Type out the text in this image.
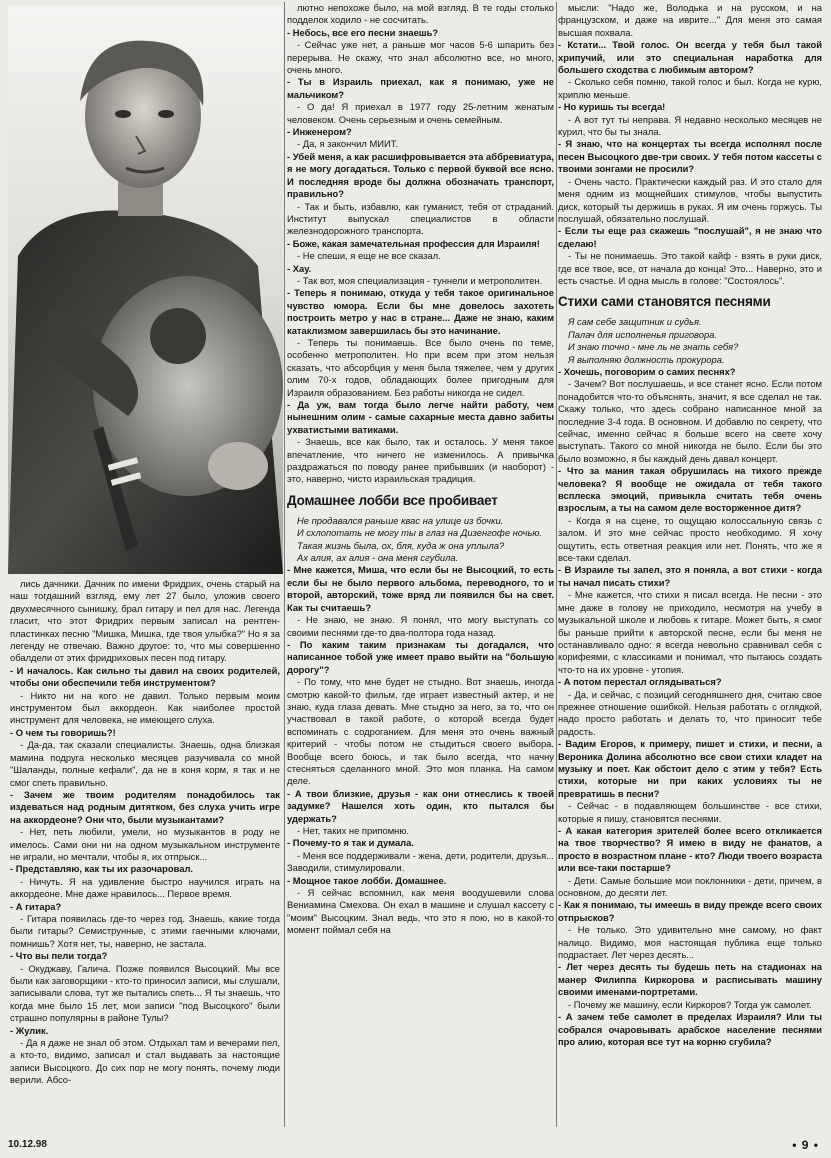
лись дачники. Дачник по имени Фридрих, очень старый на наш тогдашний взгляд, ему лет 27 было, уложив своего двухмесячного сынишку, брал гитару и пел для нас. Легенда гласит, что этот Фридрих первым записал на рентген-пластинках песню "Мишка, Мишка, где твоя улыбка?" Но я за легенду не отвечаю. Важно другое: то, что мы совершенно обалдели от этих фридриховых песен под гитару.

- И началось. Как сильно ты давил на своих родителей, чтобы они обеспечили тебя инструментом?

- Никто ни на кого не давил. Только первым моим инструментом был аккордеон. Как наиболее простой инструмент для человека, не имеющего слуха.

- О чем ты говоришь?!

- Да-да, так сказали специалисты. Знаешь, одна близкая мамина подруга несколько месяцев разучивала со мной "Шаланды, полные кефали", да не в коня корм, я так и не смог спеть правильно.

- Зачем же твоим родителям понадобилось так издеваться над родным дитятком, без слуха учить игре на аккордеоне? Они что, были музыкантами?

- Нет, петь любили, умели, но музыкантов в роду не имелось. Сами они ни на одном музыкальном инструменте не играли, но мечтали, чтобы я, их отпрыск...

- Представляю, как ты их разочаровал.

- Ничуть. Я на удивление быстро научился играть на аккордеоне. Мне даже нравилось... Первое время.

- А гитара?

- Гитара появилась где-то через год. Знаешь, какие тогда были гитары? Семиструнные, с этими гаечными ключами, помнишь? Хотя нет, ты, наверно, не застала.

- Что вы пели тогда?

- Окуджаву, Галича. Позже появился Высоцкий. Мы все были как заговорщики - кто-то приносил записи, мы слушали, записывали слова, тут же пытались спеть... Я ты знаешь, что когда мне было 15 лет, мои записи "под Высоцкого" были страшно популярны в районе Тулы?

- Жулик.

- Да я даже не знал об этом. Отдыхал там и вечерами пел, а кто-то, видимо, записал и стал выдавать за настоящие записи Высоцкого. До сих пор не могу понять, почему люди верили. Абсо-

лютно непохоже было, на мой взгляд. В те годы столько подделок ходило - не сосчитать.

- Небось, все его песни знаешь?

- Сейчас уже нет, а раньше мог часов 5-6 шпарить без перерыва. Не скажу, что знал абсолютно все, но много, очень много.

- Ты в Израиль приехал, как я понимаю, уже не мальчиком?

- О да! Я приехал в 1977 году 25-летним женатым человеком. Очень серьезным и очень семейным.

- Инженером?

- Да, я закончил МИИТ.

- Убей меня, а как расшифровывается эта аббревиатура, я не могу догадаться. Только с первой буквой все ясно. И последняя вроде бы должна обозначать транспорт, правильно?

- Так и быть, избавлю, как гуманист, тебя от страданий. Институт выпускал специалистов в области железнодорожного транспорта.

- Боже, какая замечательная профессия для Израиля!

- Не спеши, я еще не все сказал.

- Хау.

- Так вот, моя специализация - туннели и метрополитен.

- Теперь я понимаю, откуда у тебя такое оригинальное чувство юмора. Если бы мне довелось захотеть построить метро у нас в стране... Даже не знаю, каким катаклизмом завершилась бы это начинание.

- Теперь ты понимаешь. Все было очень по теме, особенно метрополитен. Но при всем при этом нельзя сказать, что абсорбция у меня была тяжелее, чем у других олим 70-х годов, обладающих более пригодным для Израиля образованием. Без работы никогда не сидел.

- Да уж, вам тогда было легче найти работу, чем нынешним олим - самые сахарные места давно забиты ухватистыми ватиками.

- Знаешь, все как было, так и осталось. У меня такое впечатление, что ничего не изменилось. А привычка раздражаться по поводу ранее прибывших (и наоборот) - это, наверно, чисто израильская традиция.

Домашнее лобби все пробивает

Не продавался раньше квас на улице из бочки.

И схлопотать не могу ты в глаз на Дизенгофе ночью.

Такая жизнь была, ох, бля, куда ж она уплыла?

Ах алия, ах алия - она меня сгубила.

- Мне кажется, Миша, что если бы не Высоцкий, то есть если бы не было первого альбома, переводного, то и второй, авторский, тоже вряд ли появился бы на свет. Как ты считаешь?

- Не знаю, не знаю. Я понял, что могу выступать со своими песнями где-то два-полтора года назад.

- По каким таким признакам ты догадался, что написанное тобой уже имеет право выйти на "большую дорогу"?

- По тому, что мне будет не стыдно. Вот знаешь, иногда смотрю какой-то фильм, где играет известный актер, и не знаю, куда глаза девать. Мне стыдно за него, за то, что он участвовал в такой работе, о которой всегда будет вспоминать с содроганием. Для меня это очень важный критерий - чтобы потом не стыдиться своего выбора. Вообще всего боюсь, и так было всегда, что начну стесняться сделанного мной. Это моя планка. На самом деле.

- А твои близкие, друзья - как они отнеслись к твоей задумке? Нашелся хоть один, кто пытался бы удержать?

- Нет, таких не припомню.

- Почему-то я так и думала.

- Меня все поддерживали - жена, дети, родители, друзья... Заводили, стимулировали.

- Мощное такое лобби. Домашнее.

- Я сейчас вспомнил, как меня воодушевили слова Вениамина Смехова. Он ехал в машине и слушал кассету с "моим" Высоцким. Знал ведь, что это я пою, но в какой-то момент поймал себя на

мысли: "Надо же, Володька и на русском, и на французском, и даже на иврите..." Для меня это самая высшая похвала.

- Кстати... Твой голос. Он всегда у тебя был такой хрипучий, или это специальная наработка для большего сходства с любимым автором?

- Сколько себя помню, такой голос и был. Когда не курю, хриплю меньше.

- Но куришь ты всегда!

- А вот тут ты неправа. Я недавно несколько месяцев не курил, что бы ты знала.

- Я знаю, что на концертах ты всегда исполнял после песен Высоцкого две-три своих. У тебя потом кассеты с твоими зонгами не просили?

- Очень часто. Практически каждый раз. И это стало для меня одним из мощнейших стимулов, чтобы выпустить диск, который ты держишь в руках. Я им очень горжусь. Ты послушай, обязательно послушай.

- Если ты еще раз скажешь "послушай", я не знаю что сделаю!

- Ты не понимаешь. Это такой кайф - взять в руки диск, где все твое, все, от начала до конца! Это... Наверно, это и есть счастье. И одна мысль в голове: "Состоялось".

Стихи сами становятся песнями

Я сам себе защитник и судья.

Палач для исполненья приговора.

И знаю точно - мне ль не знать себя?

Я выполняю должность прокурора.

- Хочешь, поговорим о самих песнях?

- Зачем? Вот послушаешь, и все станет ясно. Если потом понадобится что-то объяснять, значит, я все сделал не так. Скажу только, что здесь собрано написанное мной за последние 3-4 года. В основном. И добавлю по секрету, что сейчас, именно сейчас я больше всего на свете хочу выступать. Такого со мной никогда не было. Если бы это было возможно, я бы каждый день давал концерт.

- Что за мания такая обрушилась на тихого прежде человека? Я вообще не ожидала от тебя такого всплеска эмоций, привыкла считать тебя очень взрослым, а ты на самом деле восторженное дитя?

- Когда я на сцене, то ощущаю колоссальную связь с залом. И это мне сейчас просто необходимо. Я хочу ощутить, есть ответная реакция или нет. Понять, что же я все-таки сделал.

- В Израиле ты запел, это я поняла, а вот стихи - когда ты начал писать стихи?

- Мне кажется, что стихи я писал всегда. Не песни - это мне даже в голову не приходило, несмотря на учебу в музыкальной школе и любовь к гитаре. Может быть, я смог бы раньше прийти к авторской песне, если бы меня не останавливало одно: я всегда невольно сравнивал себя с корифеями, с классиками и понимал, что пытаюсь создать что-то на их уровне - утопия.

- А потом перестал оглядываться?

- Да, и сейчас, с позиций сегодняшнего дня, считаю свое прежнее отношение ошибкой. Нельзя работать с оглядкой, надо просто работать и делать то, что приносит тебе радость.

- Вадим Егоров, к примеру, пишет и стихи, и песни, а Вероника Долина абсолютно все свои стихи кладет на музыку и поет. Как обстоит дело с этим у тебя? Есть стихи, которые ни при каких условиях ты не превратишь в песни?

- Сейчас - в подавляющем большинстве - все стихи, которые я пишу, становятся песнями.

- А какая категория зрителей более всего откликается на твое творчество? Я имею в виду не фанатов, а просто в возрастном плане - кто? Люди твоего возраста или все-таки постарше?

- Дети. Самые большие мои поклонники - дети, причем, в основном, до десяти лет.

- Как я понимаю, ты имеешь в виду прежде всего своих отпрысков?

- Не только. Это удивительно мне самому, но факт налицо. Видимо, моя настоящая публика еще только подрастает. Лет через десять...

- Лет через десять ты будешь петь на стадионах на манер Филиппа Киркорова и расписывать машину своими именами-портретами.

- Почему же машину, если Киркоров? Тогда уж самолет.

- А зачем тебе самолет в пределах Израиля? Или ты собрался очаровывать арабское население песнями про алию, которая все тут на корню сгубила?

10.12.98	• 9 •
